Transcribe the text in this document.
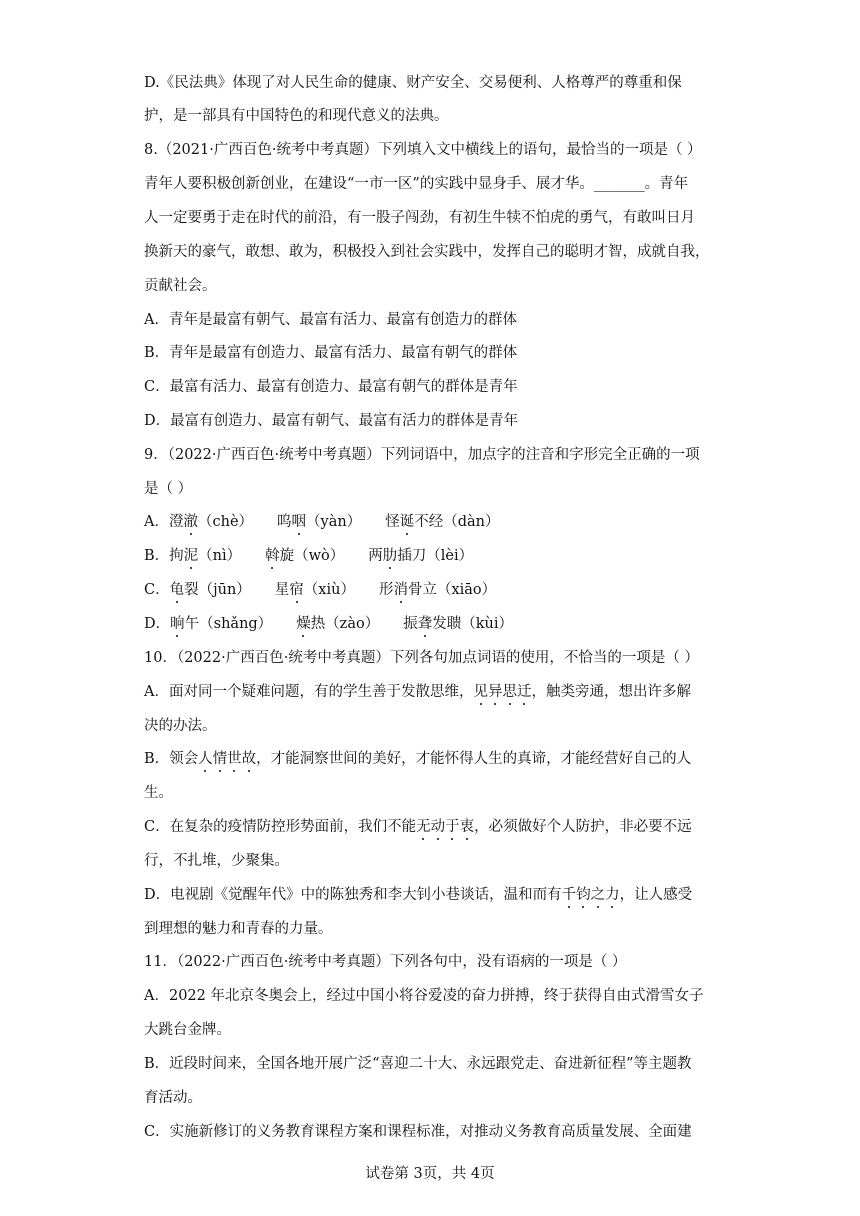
D.《民法典》体现了对人民生命的健康、财产安全、交易便利、人格尊严的尊重和保
护，是一部具有中国特色的和现代意义的法典。
8.（2021·广西百色·统考中考真题）下列填入文中横线上的语句，最恰当的一项是（ ）
青年人要积极创新创业，在建设“一市一区”的实践中显身手、展才华。_______。青年
人一定要勇于走在时代的前沿，有一股子闯劲，有初生牛犊不怕虎的勇气，有敢叫日月
换新天的豪气，敢想、敢为，积极投入到社会实践中，发挥自己的聪明才智，成就自我，
贡献社会。
A．青年是最富有朝气、最富有活力、最富有创造力的群体
B．青年是最富有创造力、最富有活力、最富有朝气的群体
C．最富有活力、最富有创造力、最富有朝气的群体是青年
D．最富有创造力、最富有朝气、最富有活力的群体是青年
9．（2022·广西百色·统考中考真题）下列词语中，加点字的注音和字形完全正确的一项
是（ ）
A．澄澈（chè） 呜咽（yàn） 怪诞不经（dàn）
B．拘泥（nì） 斡旋（wò） 两肋插刀（lèi）
C．龟裂（jūn） 星宿（xiù） 形消骨立（xiāo）
D．晌午（shǎng） 燥热（zào） 振聋发聩（kùi）
10．（2022·广西百色·统考中考真题）下列各句加点词语的使用，不恰当的一项是（ ）
A．面对同一个疑难问题，有的学生善于发散思维，见异思迁，触类旁通，想出许多解
决的办法。
B．领会人情世故，才能洞察世间的美好，才能怀得人生的真谛，才能经营好自己的人
生。
C．在复杂的疫情防控形势面前，我们不能无动于衷，必须做好个人防护，非必要不远
行，不扎堆，少聚集。
D．电视剧《觉醒年代》中的陈独秀和李大钊小巷谈话，温和而有千钧之力，让人感受
到理想的魅力和青春的力量。
11．（2022·广西百色·统考中考真题）下列各句中，没有语病的一项是（ ）
A．2022 年北京冬奥会上，经过中国小将谷爱凌的奋力拼搏，终于获得自由式滑雪女子
大跳台金牌。
B．近段时间来，全国各地开展广泛“喜迎二十大、永远跟党走、奋进新征程”等主题教
育活动。
C．实施新修订的义务教育课程方案和课程标准，对推动义务教育高质量发展、全面建
试卷第 3页，共 4页
